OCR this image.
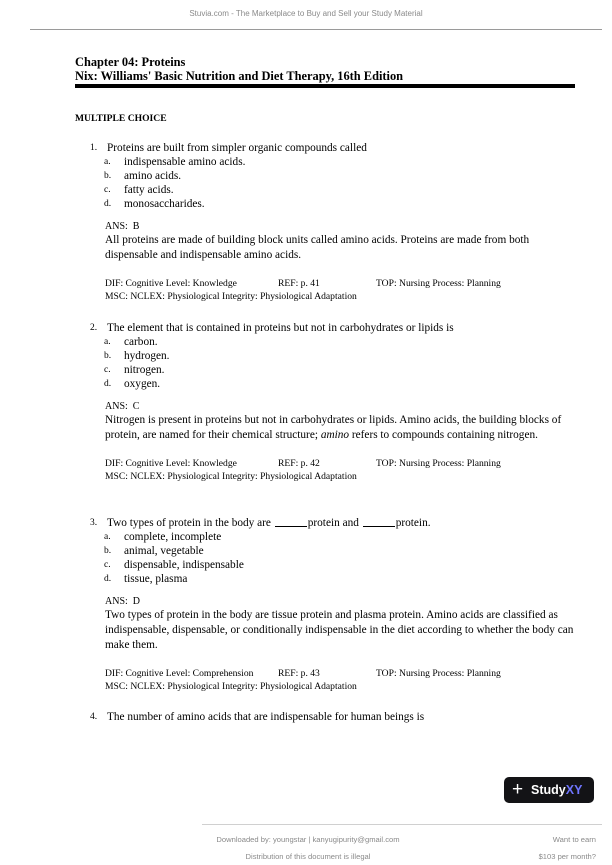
Stuvia.com - The Marketplace to Buy and Sell your Study Material
Chapter 04: Proteins
Nix: Williams' Basic Nutrition and Diet Therapy, 16th Edition
MULTIPLE CHOICE
1. Proteins are built from simpler organic compounds called
a. indispensable amino acids.
b. amino acids.
c. fatty acids.
d. monosaccharides.
ANS: B
All proteins are made of building block units called amino acids. Proteins are made from both dispensable and indispensable amino acids.
DIF: Cognitive Level: Knowledge	REF: p. 41	TOP: Nursing Process: Planning
MSC: NCLEX: Physiological Integrity: Physiological Adaptation
2. The element that is contained in proteins but not in carbohydrates or lipids is
a. carbon.
b. hydrogen.
c. nitrogen.
d. oxygen.
ANS: C
Nitrogen is present in proteins but not in carbohydrates or lipids. Amino acids, the building blocks of protein, are named for their chemical structure; amino refers to compounds containing nitrogen.
DIF: Cognitive Level: Knowledge	REF: p. 42	TOP: Nursing Process: Planning
MSC: NCLEX: Physiological Integrity: Physiological Adaptation
3. Two types of protein in the body are	protein and	protein.
a. complete, incomplete
b. animal, vegetable
c. dispensable, indispensable
d. tissue, plasma
ANS: D
Two types of protein in the body are tissue protein and plasma protein. Amino acids are classified as indispensable, dispensable, or conditionally indispensable in the diet according to whether the body can make them.
DIF: Cognitive Level: Comprehension	REF: p. 43	TOP: Nursing Process: Planning
MSC: NCLEX: Physiological Integrity: Physiological Adaptation
4. The number of amino acids that are indispensable for human beings is
+ StudyXY
Downloaded by: youngstar | kanyugipurity@gmail.com
Distribution of this document is illegal
Want to earn
$103 per month?
